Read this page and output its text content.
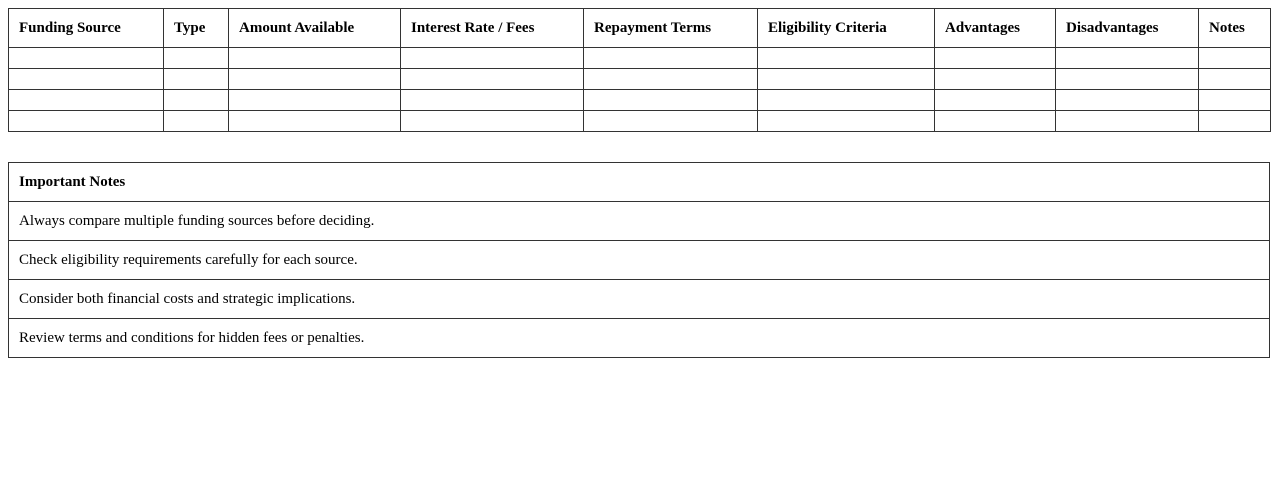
Funding Source	Type	Amount Available	Interest Rate / Fees	Repayment Terms	Eligibility Criteria	Advantages	Disadvantages	Notes

Important Notes
Always compare multiple funding sources before deciding.
Check eligibility requirements carefully for each source.
Consider both financial costs and strategic implications.
Review terms and conditions for hidden fees or penalties.
